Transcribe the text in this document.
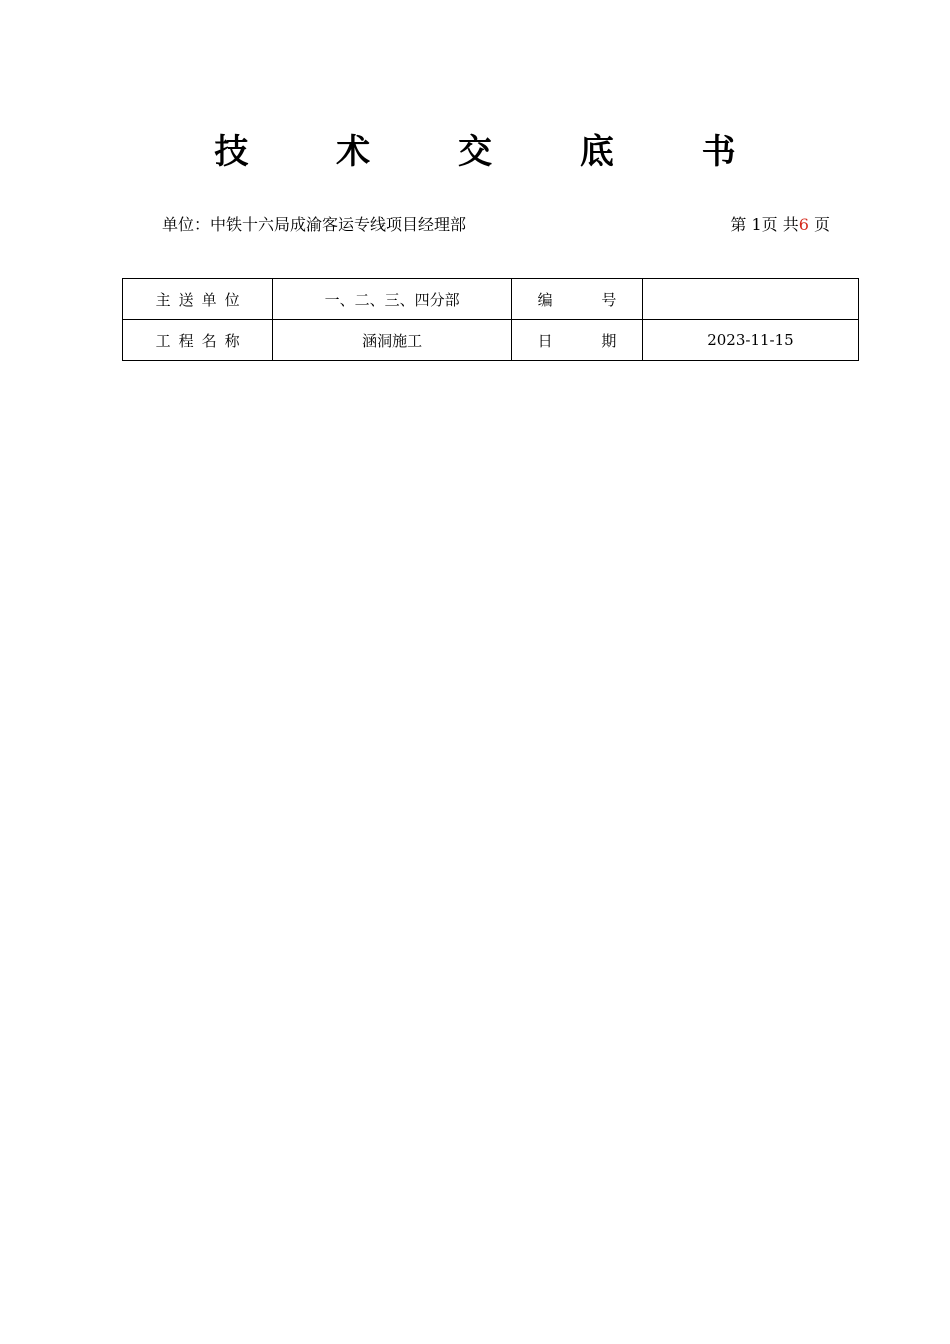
技 术 交 底 书
单位：中铁十六局成渝客运专线项目经理部	第 1页 共6 页
主送单位	一、二、三、四分部	编 号	
工程名称	涵洞施工	日 期	2023-11-15
